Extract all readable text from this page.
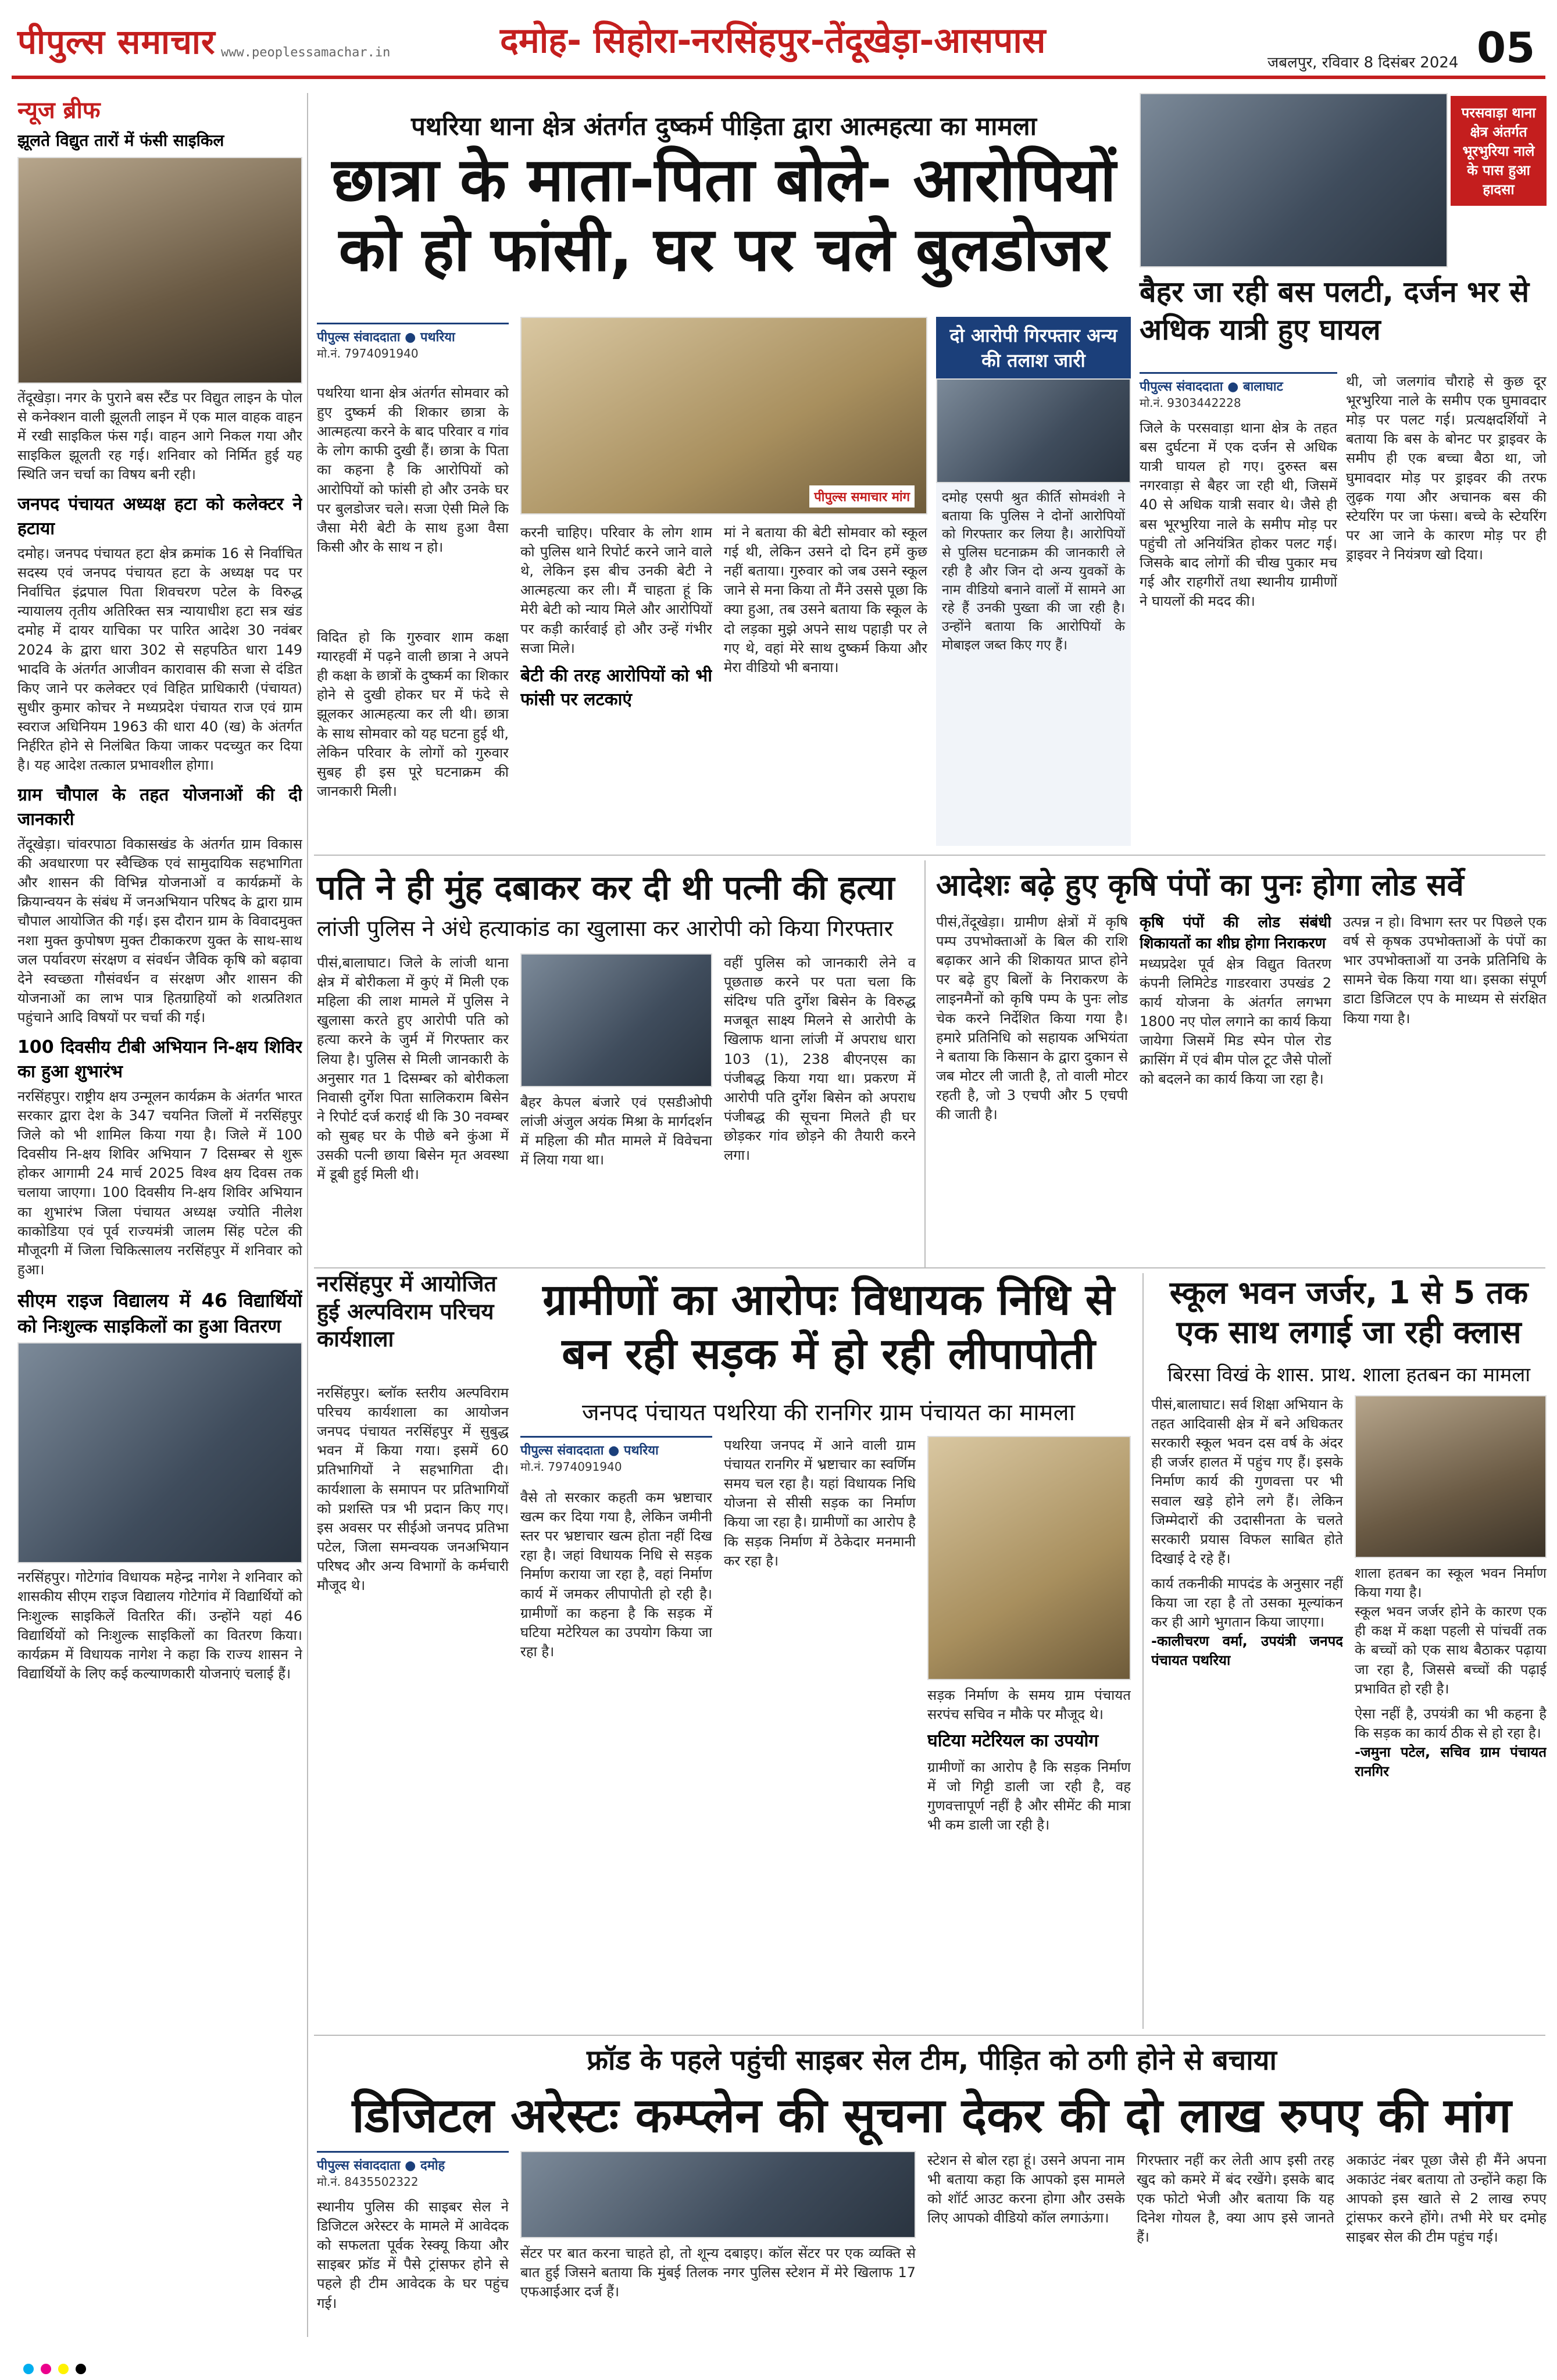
पीपुल्स समाचार www.peoplessamachar.in	दमोह- सिहोरा-नरसिंहपुर-तेंदूखेड़ा-आसपास
जबलपुर, रविवार 8 दिसंबर 2024 05
न्यूज ब्रीफ
झूलते विद्युत तारों में फंसी साइकिल

तेंदूखेड़ा। नगर के पुराने बस स्टैंड पर विद्युत लाइन के पोल से कनेक्शन वाली झूलती लाइन में एक माल वाहक वाहन में रखी साइकिल फंस गई। वाहन आगे निकल गया और साइकिल झूलती रह गई। शनिवार को निर्मित हुई यह स्थिति जन चर्चा का विषय बनी रही।

जनपद पंचायत अध्यक्ष हटा को कलेक्टर ने हटाया

दमोह। जनपद पंचायत हटा क्षेत्र क्रमांक 16 से निर्वाचित सदस्य एवं जनपद पंचायत हटा के अध्यक्ष पद पर निर्वाचित इंद्रपाल पिता शिवचरण पटेल के विरुद्ध न्यायालय तृतीय अतिरिक्त सत्र न्यायाधीश हटा सत्र खंड दमोह में दायर याचिका पर पारित आदेश 30 नवंबर 2024 के द्वारा धारा 302 से सहपठित धारा 149 भादवि के अंतर्गत आजीवन कारावास की सजा से दंडित किए जाने पर कलेक्टर एवं विहित प्राधिकारी (पंचायत) सुधीर कुमार कोचर ने मध्यप्रदेश पंचायत राज एवं ग्राम स्वराज अधिनियम 1963 की धारा 40 (ख) के अंतर्गत निर्हरित होने से निलंबित किया जाकर पदच्युत कर दिया है। यह आदेश तत्काल प्रभावशील होगा।

ग्राम चौपाल के तहत योजनाओं की दी जानकारी

तेंदूखेड़ा। चांवरपाठा विकासखंड के अंतर्गत ग्राम विकास की अवधारणा पर स्वैच्छिक एवं सामुदायिक सहभागिता और शासन की विभिन्न योजनाओं व कार्यक्रमों के क्रियान्वयन के संबंध में जनअभियान परिषद के द्वारा ग्राम चौपाल आयोजित की गई। इस दौरान ग्राम के विवादमुक्त नशा मुक्त कुपोषण मुक्त टीकाकरण युक्त के साथ-साथ जल पर्यावरण संरक्षण व संवर्धन जैविक कृषि को बढ़ावा देने स्वच्छता गौसंवर्धन व संरक्षण और शासन की योजनाओं का लाभ पात्र हितग्राहियों को शत्प्रतिशत पहुंचाने आदि विषयों पर चर्चा की गई।

100 दिवसीय टीबी अभियान नि-क्षय शिविर का हुआ शुभारंभ

नरसिंहपुर। राष्ट्रीय क्षय उन्मूलन कार्यक्रम के अंतर्गत भारत सरकार द्वारा देश के 347 चयनित जिलों में नरसिंहपुर जिले को भी शामिल किया गया है। जिले में 100 दिवसीय नि-क्षय शिविर अभियान 7 दिसम्बर से शुरू होकर आगामी 24 मार्च 2025 विश्व क्षय दिवस तक चलाया जाएगा। 100 दिवसीय नि-क्षय शिविर अभियान का शुभारंभ जिला पंचायत अध्यक्ष ज्योति नीलेश काकोडिया एवं पूर्व राज्यमंत्री जालम सिंह पटेल की मौजूदगी में जिला चिकित्सालय नरसिंहपुर में शनिवार को हुआ।

सीएम राइज विद्यालय में 46 विद्यार्थियों को निःशुल्क साइकिलों का हुआ वितरण

नरसिंहपुर। गोटेगांव विधायक महेन्द्र नागेश ने शनिवार को शासकीय सीएम राइज विद्यालय गोटेगांव में विद्यार्थियों को निःशुल्क साइकिलें वितरित कीं। उन्होंने यहां 46 विद्यार्थियों को निःशुल्क साइकिलों का वितरण किया। कार्यक्रम में विधायक नागेश ने कहा कि राज्य शासन ने विद्यार्थियों के लिए कई कल्याणकारी योजनाएं चलाई हैं।

पथरिया थाना क्षेत्र अंतर्गत दुष्कर्म पीड़िता द्वारा आत्महत्या का मामला
छात्रा के माता-पिता बोले- आरोपियों को हो फांसी, घर पर चले बुलडोजर
पीपुल्स संवाददाता ● पथरिया
मो.नं. 7974091940
पीपुल्स समाचार मांग
दो आरोपी गिरफ्तार अन्य की तलाश जारी

दमोह एसपी श्रुत कीर्ति सोमवंशी ने बताया कि पुलिस ने दोनों आरोपियों को गिरफ्तार कर लिया है। आरोपियों से पुलिस घटनाक्रम की जानकारी ले रही है और जिन दो अन्य युवकों के नाम वीडियो बनाने वालों में सामने आ रहे हैं उनकी पुख्ता की जा रही है। उन्होंने बताया कि आरोपियों के मोबाइल जब्त किए गए हैं।

पथरिया थाना क्षेत्र अंतर्गत सोमवार को हुए दुष्कर्म की शिकार छात्रा के आत्महत्या करने के बाद परिवार व गांव के लोग काफी दुखी हैं। छात्रा के पिता का कहना है कि आरोपियों को आरोपियों को फांसी हो और उनके घर पर बुलडोजर चले। सजा ऐसी मिले कि जैसा मेरी बेटी के साथ हुआ वैसा किसी और के साथ न हो।

विदित हो कि गुरुवार शाम कक्षा ग्यारहवीं में पढ़ने वाली छात्रा ने अपने ही कक्षा के छात्रों के दुष्कर्म का शिकार होने से दुखी होकर घर में फंदे से झूलकर आत्महत्या कर ली थी। छात्रा के साथ सोमवार को यह घटना हुई थी, लेकिन परिवार के लोगों को गुरुवार सुबह ही इस पूरे घटनाक्रम की जानकारी मिली।

करनी चाहिए। परिवार के लोग शाम को पुलिस थाने रिपोर्ट करने जाने वाले थे, लेकिन इस बीच उनकी बेटी ने आत्महत्या कर ली। मैं चाहता हूं कि मेरी बेटी को न्याय मिले और आरोपियों पर कड़ी कार्रवाई हो और उन्हें गंभीर सजा मिले।

बेटी की तरह आरोपियों को भी फांसी पर लटकाएं

मां ने बताया की बेटी सोमवार को स्कूल गई थी, लेकिन उसने दो दिन हमें कुछ नहीं बताया। गुरुवार को जब उसने स्कूल जाने से मना किया तो मैंने उससे पूछा कि क्या हुआ, तब उसने बताया कि स्कूल के दो लड़का मुझे अपने साथ पहाड़ी पर ले गए थे, वहां मेरे साथ दुष्कर्म किया और मेरा वीडियो भी बनाया।

परसवाड़ा थाना क्षेत्र अंतर्गत भूरभुरिया नाले के पास हुआ हादसा
बैहर जा रही बस पलटी, दर्जन भर से अधिक यात्री हुए घायल
पीपुल्स संवाददाता ● बालाघाट
मो.नं. 9303442228

जिले के परसवाड़ा थाना क्षेत्र के तहत बस दुर्घटना में एक दर्जन से अधिक यात्री घायल हो गए। दुरुस्त बस नगरवाड़ा से बैहर जा रही थी, जिसमें 40 से अधिक यात्री सवार थे। जैसे ही बस भूरभुरिया नाले के समीप मोड़ पर पहुंची तो अनियंत्रित होकर पलट गई। जिसके बाद लोगों की चीख पुकार मच गई और राहगीरों तथा स्थानीय ग्रामीणों ने घायलों की मदद की।

थी, जो जलगांव चौराहे से कुछ दूर भूरभुरिया नाले के समीप एक घुमावदार मोड़ पर पलट गई। प्रत्यक्षदर्शियों ने बताया कि बस के बोनट पर ड्राइवर के समीप ही एक बच्चा बैठा था, जो घुमावदार मोड़ पर ड्राइवर की तरफ लुढ़क गया और अचानक बस की स्टेयरिंग पर जा फंसा। बच्चे के स्टेयरिंग पर आ जाने के कारण मोड़ पर ही ड्राइवर ने नियंत्रण खो दिया।

पति ने ही मुंह दबाकर कर दी थी पत्नी की हत्या
लांजी पुलिस ने अंधे हत्याकांड का खुलासा कर आरोपी को किया गिरफ्तार

पीसं,बालाघाट। जिले के लांजी थाना क्षेत्र में बोरीकला में कुएं में मिली एक महिला की लाश मामले में पुलिस ने खुलासा करते हुए आरोपी पति को हत्या करने के जुर्म में गिरफ्तार कर लिया है। पुलिस से मिली जानकारी के अनुसार गत 1 दिसम्बर को बोरीकला निवासी दुर्गेश पिता सालिकराम बिसेन ने रिपोर्ट दर्ज कराई थी कि 30 नवम्बर को सुबह घर के पीछे बने कुंआ में उसकी पत्नी छाया बिसेन मृत अवस्था में डूबी हुई मिली थी।

बैहर केपल बंजारे एवं एसडीओपी लांजी अंजुल अयंक मिश्रा के मार्गदर्शन में महिला की मौत मामले में विवेचना में लिया गया था।

वहीं पुलिस को जानकारी लेने व पूछताछ करने पर पता चला कि संदिग्ध पति दुर्गेश बिसेन के विरुद्ध मजबूत साक्ष्य मिलने से आरोपी के खिलाफ थाना लांजी में अपराध धारा 103 (1), 238 बीएनएस का पंजीबद्ध किया गया था। प्रकरण में आरोपी पति दुर्गेश बिसेन को अपराध पंजीबद्ध की सूचना मिलते ही घर छोड़कर गांव छोड़ने की तैयारी करने लगा।

आदेशः बढ़े हुए कृषि पंपों का पुनः होगा लोड सर्वे

पीसं,तेंदूखेड़ा। ग्रामीण क्षेत्रों में कृषि पम्प उपभोक्ताओं के बिल की राशि बढ़ाकर आने की शिकायत प्राप्त होने पर बढ़े हुए बिलों के निराकरण के लाइनमैनों को कृषि पम्प के पुनः लोड चेक करने निर्देशित किया गया है। हमारे प्रतिनिधि को सहायक अभियंता ने बताया कि किसान के द्वारा दुकान से जब मोटर ली जाती है, तो वाली मोटर रहती है, जो 3 एचपी और 5 एचपी की जाती है।

कृषि पंपों की लोड संबंधी शिकायतों का शीघ्र होगा निराकरण

मध्यप्रदेश पूर्व क्षेत्र विद्युत वितरण कंपनी लिमिटेड गाडरवारा उपखंड 2 कार्य योजना के अंतर्गत लगभग 1800 नए पोल लगाने का कार्य किया जायेगा जिसमें मिड स्पेन पोल रोड क्रासिंग में एवं बीम पोल टूट जैसे पोलों को बदलने का कार्य किया जा रहा है।

उत्पन्न न हो। विभाग स्तर पर पिछले एक वर्ष से कृषक उपभोक्ताओं के पंपों का भार उपभोक्ताओं या उनके प्रतिनिधि के सामने चेक किया गया था। इसका संपूर्ण डाटा डिजिटल एप के माध्यम से संरक्षित किया गया है।

नरसिंहपुर में आयोजित हुई अल्पविराम परिचय कार्यशाला

नरसिंहपुर। ब्लॉक स्तरीय अल्पविराम परिचय कार्यशाला का आयोजन जनपद पंचायत नरसिंहपुर में सुबुद्ध भवन में किया गया। इसमें 60 प्रतिभागियों ने सहभागिता दी। कार्यशाला के समापन पर प्रतिभागियों को प्रशस्ति पत्र भी प्रदान किए गए। इस अवसर पर सीईओ जनपद प्रतिभा पटेल, जिला समन्वयक जनअभियान परिषद और अन्य विभागों के कर्मचारी मौजूद थे।

ग्रामीणों का आरोपः विधायक निधि से बन रही सड़क में हो रही लीपापोती
जनपद पंचायत पथरिया की रानगिर ग्राम पंचायत का मामला
पीपुल्स संवाददाता ● पथरिया
मो.नं. 7974091940

वैसे तो सरकार कहती कम भ्रष्टाचार खत्म कर दिया गया है, लेकिन जमीनी स्तर पर भ्रष्टाचार खत्म होता नहीं दिख रहा है। जहां विधायक निधि से सड़क निर्माण कराया जा रहा है, वहां निर्माण कार्य में जमकर लीपापोती हो रही है। ग्रामीणों का कहना है कि सड़क में घटिया मटेरियल का उपयोग किया जा रहा है।

पथरिया जनपद में आने वाली ग्राम पंचायत रानगिर में भ्रष्टाचार का स्वर्णिम समय चल रहा है। यहां विधायक निधि योजना से सीसी सड़क का निर्माण किया जा रहा है। ग्रामीणों का आरोप है कि सड़क निर्माण में ठेकेदार मनमानी कर रहा है।

सड़क निर्माण के समय ग्राम पंचायत सरपंच सचिव न मौके पर मौजूद थे।

घटिया मटेरियल का उपयोग

ग्रामीणों का आरोप है कि सड़क निर्माण में जो गिट्टी डाली जा रही है, वह गुणवत्तापूर्ण नहीं है और सीमेंट की मात्रा भी कम डाली जा रही है।

स्कूल भवन जर्जर, 1 से 5 तक एक साथ लगाई जा रही क्लास
बिरसा विखं के शास. प्राथ. शाला हतबन का मामला

पीसं,बालाघाट। सर्व शिक्षा अभियान के तहत आदिवासी क्षेत्र में बने अधिकतर सरकारी स्कूल भवन दस वर्ष के अंदर ही जर्जर हालत में पहुंच गए हैं। इसके निर्माण कार्य की गुणवत्ता पर भी सवाल खड़े होने लगे हैं। लेकिन जिम्मेदारों की उदासीनता के चलते सरकारी प्रयास विफल साबित होते दिखाई दे रहे हैं।

कार्य तकनीकी मापदंड के अनुसार नहीं किया जा रहा है तो उसका मूल्यांकन कर ही आगे भुगतान किया जाएगा।

-कालीचरण वर्मा, उपयंत्री जनपद पंचायत पथरिया

शाला हतबन का स्कूल भवन निर्माण किया गया है।

स्कूल भवन जर्जर होने के कारण एक ही कक्ष में कक्षा पहली से पांचवीं तक के बच्चों को एक साथ बैठाकर पढ़ाया जा रहा है, जिससे बच्चों की पढ़ाई प्रभावित हो रही है।

ऐसा नहीं है, उपयंत्री का भी कहना है कि सड़क का कार्य ठीक से हो रहा है।

-जमुना पटेल, सचिव ग्राम पंचायत रानगिर

फ्रॉड के पहले पहुंची साइबर सेल टीम, पीड़ित को ठगी होने से बचाया
डिजिटल अरेस्टः कम्प्लेन की सूचना देकर की दो लाख रुपए की मांग
पीपुल्स संवाददाता ● दमोह
मो.नं. 8435502322

स्थानीय पुलिस की साइबर सेल ने डिजिटल अरेस्टर के मामले में आवेदक को सफलता पूर्वक रेस्क्यू किया और साइबर फ्रॉड में पैसे ट्रांसफर होने से पहले ही टीम आवेदक के घर पहुंच गई।

सेंटर पर बात करना चाहते हो, तो शून्य दबाइए। कॉल सेंटर पर एक व्यक्ति से बात हुई जिसने बताया कि मुंबई तिलक नगर पुलिस स्टेशन में मेरे खिलाफ 17 एफआईआर दर्ज हैं।

स्टेशन से बोल रहा हूं। उसने अपना नाम भी बताया कहा कि आपको इस मामले को शॉर्ट आउट करना होगा और उसके लिए आपको वीडियो कॉल लगाऊंगा।

गिरफ्तार नहीं कर लेती आप इसी तरह खुद को कमरे में बंद रखेंगे। इसके बाद एक फोटो भेजी और बताया कि यह दिनेश गोयल है, क्या आप इसे जानते हैं।

अकाउंट नंबर पूछा जैसे ही मैंने अपना अकाउंट नंबर बताया तो उन्होंने कहा कि आपको इस खाते से 2 लाख रुपए ट्रांसफर करने होंगे। तभी मेरे घर दमोह साइबर सेल की टीम पहुंच गई।
